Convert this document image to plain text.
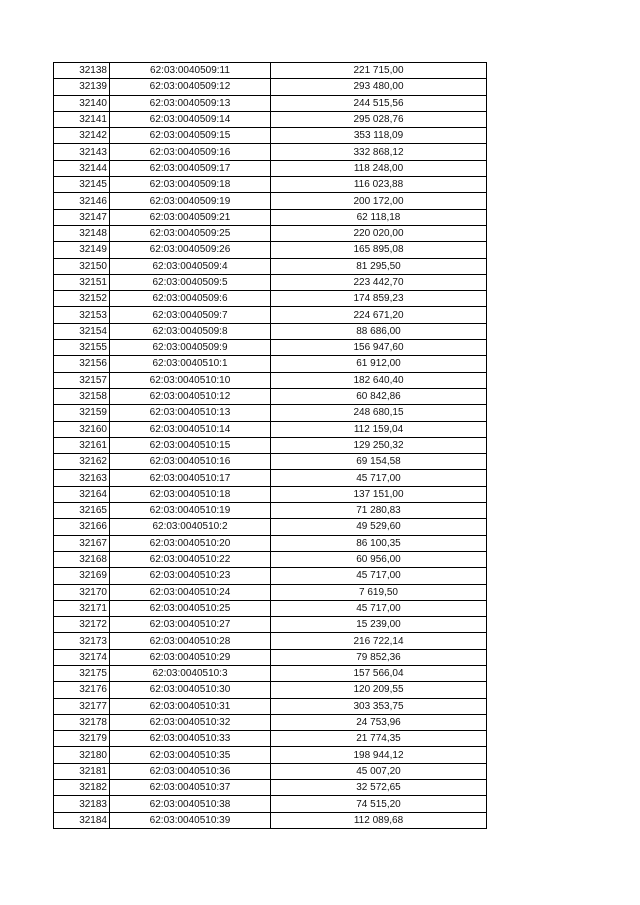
32138	62:03:0040509:11	221 715,00
32139	62:03:0040509:12	293 480,00
32140	62:03:0040509:13	244 515,56
32141	62:03:0040509:14	295 028,76
32142	62:03:0040509:15	353 118,09
32143	62:03:0040509:16	332 868,12
32144	62:03:0040509:17	118 248,00
32145	62:03:0040509:18	116 023,88
32146	62:03:0040509:19	200 172,00
32147	62:03:0040509:21	62 118,18
32148	62:03:0040509:25	220 020,00
32149	62:03:0040509:26	165 895,08
32150	62:03:0040509:4	81 295,50
32151	62:03:0040509:5	223 442,70
32152	62:03:0040509:6	174 859,23
32153	62:03:0040509:7	224 671,20
32154	62:03:0040509:8	88 686,00
32155	62:03:0040509:9	156 947,60
32156	62:03:0040510:1	61 912,00
32157	62:03:0040510:10	182 640,40
32158	62:03:0040510:12	60 842,86
32159	62:03:0040510:13	248 680,15
32160	62:03:0040510:14	112 159,04
32161	62:03:0040510:15	129 250,32
32162	62:03:0040510:16	69 154,58
32163	62:03:0040510:17	45 717,00
32164	62:03:0040510:18	137 151,00
32165	62:03:0040510:19	71 280,83
32166	62:03:0040510:2	49 529,60
32167	62:03:0040510:20	86 100,35
32168	62:03:0040510:22	60 956,00
32169	62:03:0040510:23	45 717,00
32170	62:03:0040510:24	7 619,50
32171	62:03:0040510:25	45 717,00
32172	62:03:0040510:27	15 239,00
32173	62:03:0040510:28	216 722,14
32174	62:03:0040510:29	79 852,36
32175	62:03:0040510:3	157 566,04
32176	62:03:0040510:30	120 209,55
32177	62:03:0040510:31	303 353,75
32178	62:03:0040510:32	24 753,96
32179	62:03:0040510:33	21 774,35
32180	62:03:0040510:35	198 944,12
32181	62:03:0040510:36	45 007,20
32182	62:03:0040510:37	32 572,65
32183	62:03:0040510:38	74 515,20
32184	62:03:0040510:39	112 089,68
